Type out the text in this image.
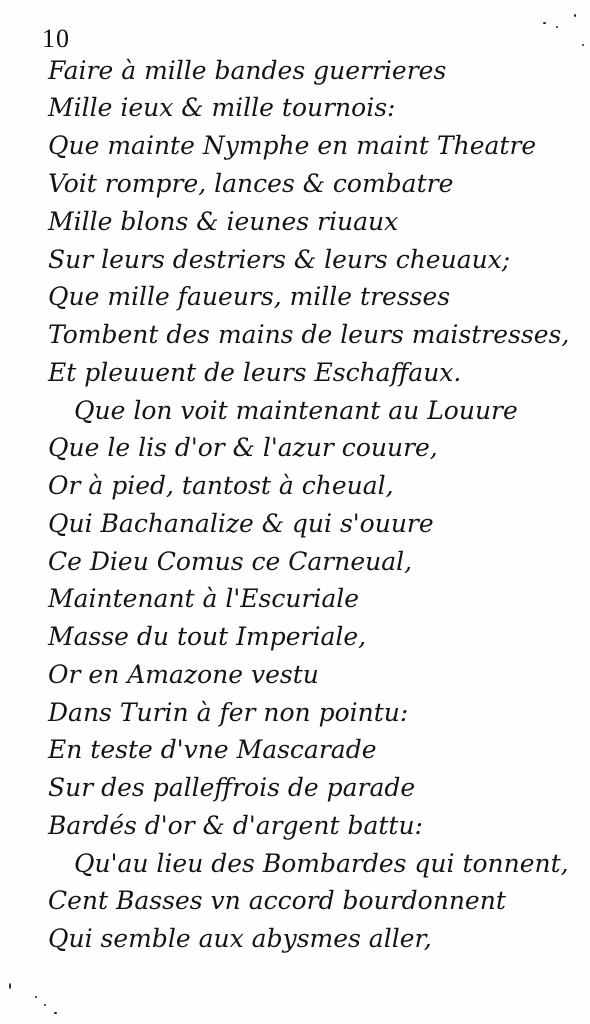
10
Faire à mille bandes guerrieres
Mille ieux & mille tournois:
Que mainte Nymphe en maint Theatre
Voit rompre, lances & combatre
Mille blons & ieunes riuaux
Sur leurs destriers & leurs cheuaux;
Que mille faueurs, mille tresses
Tombent des mains de leurs maistresses,
Et pleuuent de leurs Eschaffaux.
Que lon voit maintenant au Louure
Que le lis d'or & l'azur couure,
Or à pied, tantost à cheual,
Qui Bachanalize & qui s'ouure
Ce Dieu Comus ce Carneual,
Maintenant à l'Escuriale
Masse du tout Imperiale,
Or en Amazone vestu
Dans Turin à fer non pointu:
En teste d'vne Mascarade
Sur des palleffrois de parade
Bardés d'or & d'argent battu:
Qu'au lieu des Bombardes qui tonnent,
Cent Basses vn accord bourdonnent
Qui semble aux abysmes aller,
